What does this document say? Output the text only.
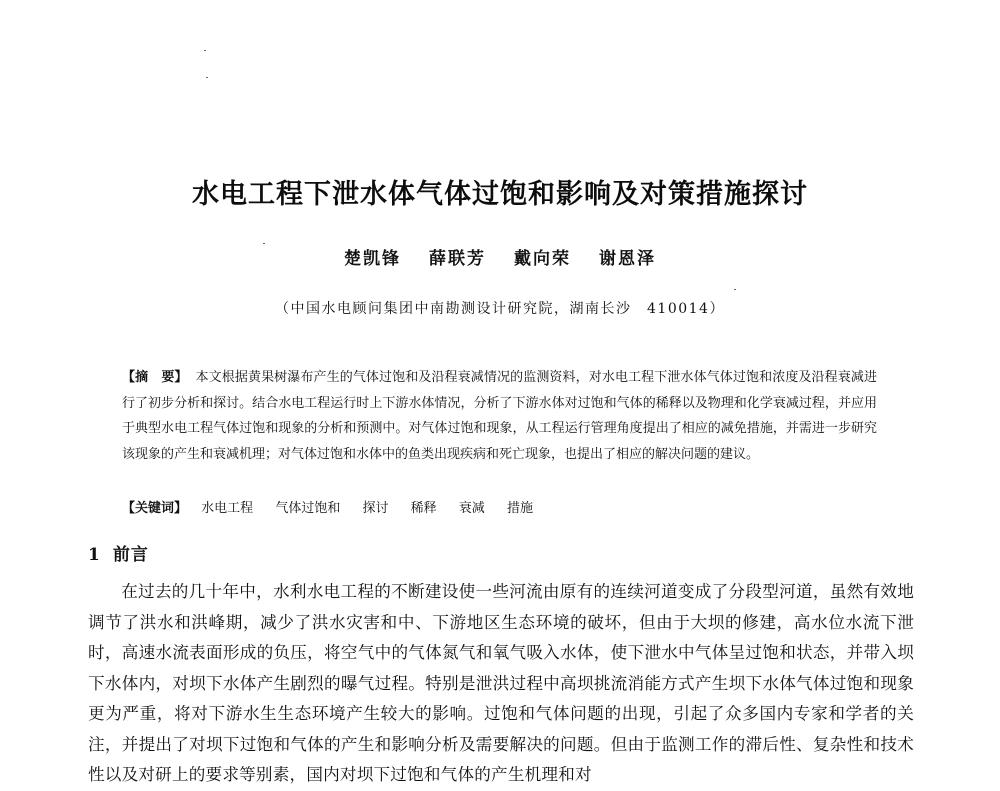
水电工程下泄水体气体过饱和影响及对策措施探讨
楚凯锋 薛联芳 戴向荣 谢恩泽
（中国水电顾问集团中南勘测设计研究院，湖南长沙　410014）
【摘　要】 本文根据黄果树瀑布产生的气体过饱和及沿程衰减情况的监测资料，对水电工程下泄水体气体过饱和浓度及沿程衰减进行了初步分析和探讨。结合水电工程运行时上下游水体情况，分析了下游水体对过饱和气体的稀释以及物理和化学衰减过程，并应用于典型水电工程气体过饱和现象的分析和预测中。对气体过饱和现象，从工程运行管理角度提出了相应的减免措施，并需进一步研究该现象的产生和衰减机理；对气体过饱和水体中的鱼类出现疾病和死亡现象，也提出了相应的解决问题的建议。
【关键词】 水电工程 气体过饱和 探讨 稀释 衰减 措施
1 前言
在过去的几十年中，水利水电工程的不断建设使一些河流由原有的连续河道变成了分段型河道，虽然有效地调节了洪水和洪峰期，减少了洪水灾害和中、下游地区生态环境的破坏，但由于大坝的修建，高水位水流下泄时，高速水流表面形成的负压，将空气中的气体氮气和氧气吸入水体，使下泄水中气体呈过饱和状态，并带入坝下水体内，对坝下水体产生剧烈的曝气过程。特别是泄洪过程中高坝挑流消能方式产生坝下水体气体过饱和现象更为严重，将对下游水生生态环境产生较大的影响。过饱和气体问题的出现，引起了众多国内专家和学者的关注，并提出了对坝下过饱和气体的产生和影响分析及需要解决的问题。但由于监测工作的滞后性、复杂性和技术性以及对研上的要求等别素，国内对坝下过饱和气体的产生机理和对
